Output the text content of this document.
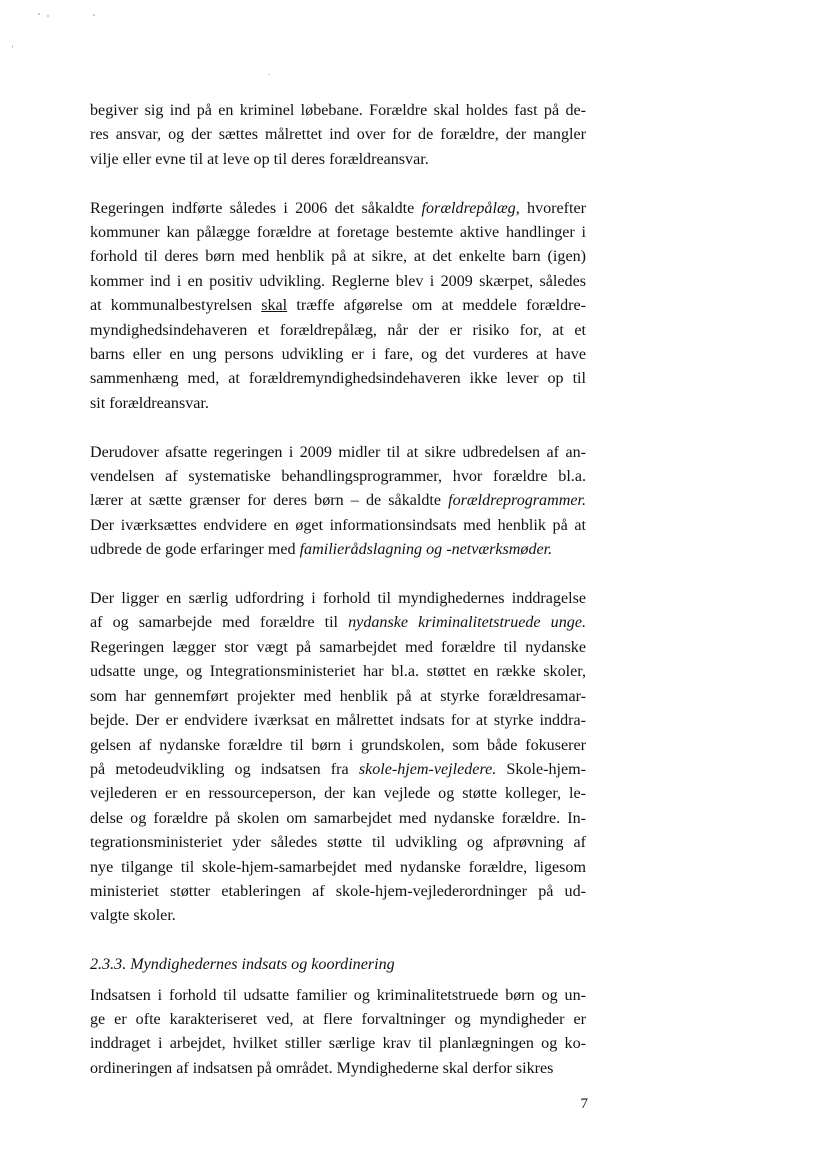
begiver sig ind på en kriminel løbebane. Forældre skal holdes fast på de-
res ansvar, og der sættes målrettet ind over for de forældre, der mangler
vilje eller evne til at leve op til deres forældreansvar.

Regeringen indførte således i 2006 det såkaldte forældrepålæg, hvorefter
kommuner kan pålægge forældre at foretage bestemte aktive handlinger i
forhold til deres børn med henblik på at sikre, at det enkelte barn (igen)
kommer ind i en positiv udvikling. Reglerne blev i 2009 skærpet, således
at kommunalbestyrelsen skal træffe afgørelse om at meddele forældre-
myndighedsindehaveren et forældrepålæg, når der er risiko for, at et
barns eller en ung persons udvikling er i fare, og det vurderes at have
sammenhæng med, at forældremyndighedsindehaveren ikke lever op til
sit forældreansvar.

Derudover afsatte regeringen i 2009 midler til at sikre udbredelsen af an-
vendelsen af systematiske behandlingsprogrammer, hvor forældre bl.a.
lærer at sætte grænser for deres børn – de såkaldte forældreprogrammer.
Der iværksættes endvidere en øget informationsindsats med henblik på at
udbrede de gode erfaringer med familierådslagning og -netværksmøder.

Der ligger en særlig udfordring i forhold til myndighedernes inddragelse
af og samarbejde med forældre til nydanske kriminalitetstruede unge.
Regeringen lægger stor vægt på samarbejdet med forældre til nydanske
udsatte unge, og Integrationsministeriet har bl.a. støttet en række skoler,
som har gennemført projekter med henblik på at styrke forældresamar-
bejde. Der er endvidere iværksat en målrettet indsats for at styrke inddra-
gelsen af nydanske forældre til børn i grundskolen, som både fokuserer
på metodeudvikling og indsatsen fra skole-hjem-vejledere. Skole-hjem-
vejlederen er en ressourceperson, der kan vejlede og støtte kolleger, le-
delse og forældre på skolen om samarbejdet med nydanske forældre. In-
tegrationsministeriet yder således støtte til udvikling og afprøvning af
nye tilgange til skole-hjem-samarbejdet med nydanske forældre, ligesom
ministeriet støtter etableringen af skole-hjem-vejlederordninger på ud-
valgte skoler.

2.3.3. Myndighedernes indsats og koordinering

Indsatsen i forhold til udsatte familier og kriminalitetstruede børn og un-
ge er ofte karakteriseret ved, at flere forvaltninger og myndigheder er
inddraget i arbejdet, hvilket stiller særlige krav til planlægningen og ko-
ordineringen af indsatsen på området. Myndighederne skal derfor sikres

7
